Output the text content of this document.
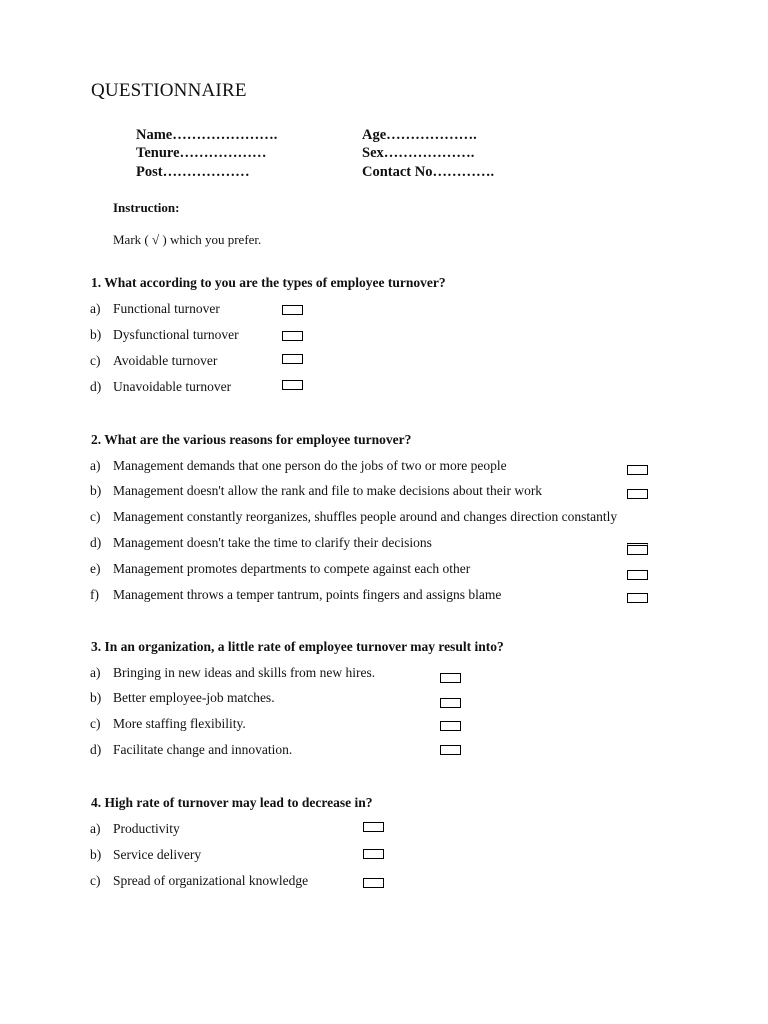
QUESTIONNAIRE
Name………………….	Age……………….
Tenure………………	Sex……………….
Post………………	Contact No………….
Instruction:
Mark ( √ ) which you prefer.
1. What according to you are the types of employee turnover?
a) Functional turnover
b) Dysfunctional turnover
c) Avoidable turnover
d) Unavoidable turnover
2. What are the various reasons for employee turnover?
a) Management demands that one person do the jobs of two or more people
b) Management doesn't allow the rank and file to make decisions about their work
c) Management constantly reorganizes, shuffles people around and changes direction constantly
d) Management doesn't take the time to clarify their decisions
e) Management promotes departments to compete against each other
f) Management throws a temper tantrum, points fingers and assigns blame
3. In an organization, a little rate of employee turnover may result into?
a) Bringing in new ideas and skills from new hires.
b) Better employee-job matches.
c) More staffing flexibility.
d) Facilitate change and innovation.
4. High rate of turnover may lead to decrease in?
a) Productivity
b) Service delivery
c) Spread of organizational knowledge
